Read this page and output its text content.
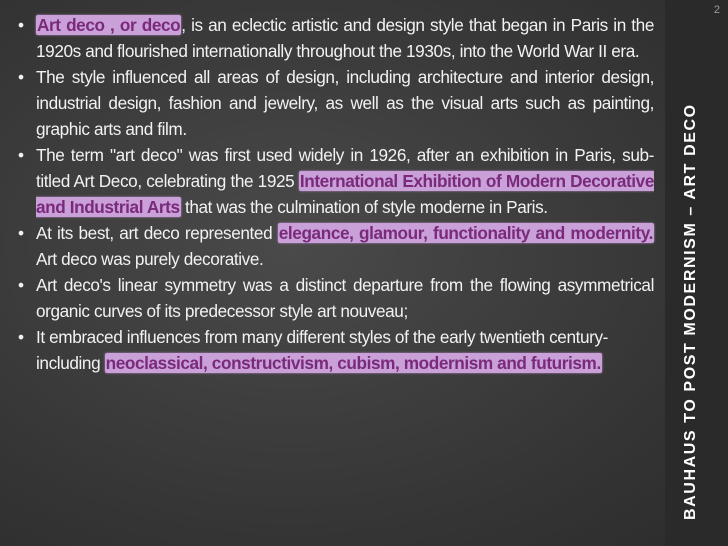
• Art deco , or deco, is an eclectic artistic and design style that began in Paris in the 1920s and flourished internationally throughout the 1930s, into the World War II era.
• The style influenced all areas of design, including architecture and interior design, industrial design, fashion and jewelry, as well as the visual arts such as painting, graphic arts and film.
• The term "art deco" was first used widely in 1926, after an exhibition in Paris, sub-titled Art Deco, celebrating the 1925 International Exhibition of Modern Decorative and Industrial Arts that was the culmination of style moderne in Paris.
• At its best, art deco represented elegance, glamour, functionality and modernity. Art deco was purely decorative.
• Art deco's linear symmetry was a distinct departure from the flowing asymmetrical organic curves of its predecessor style art nouveau;
• It embraced influences from many different styles of the early twentieth century-
including neoclassical, constructivism, cubism, modernism and futurism.	BAUHAUS TO POST MODERNISM – ART DECO
2
